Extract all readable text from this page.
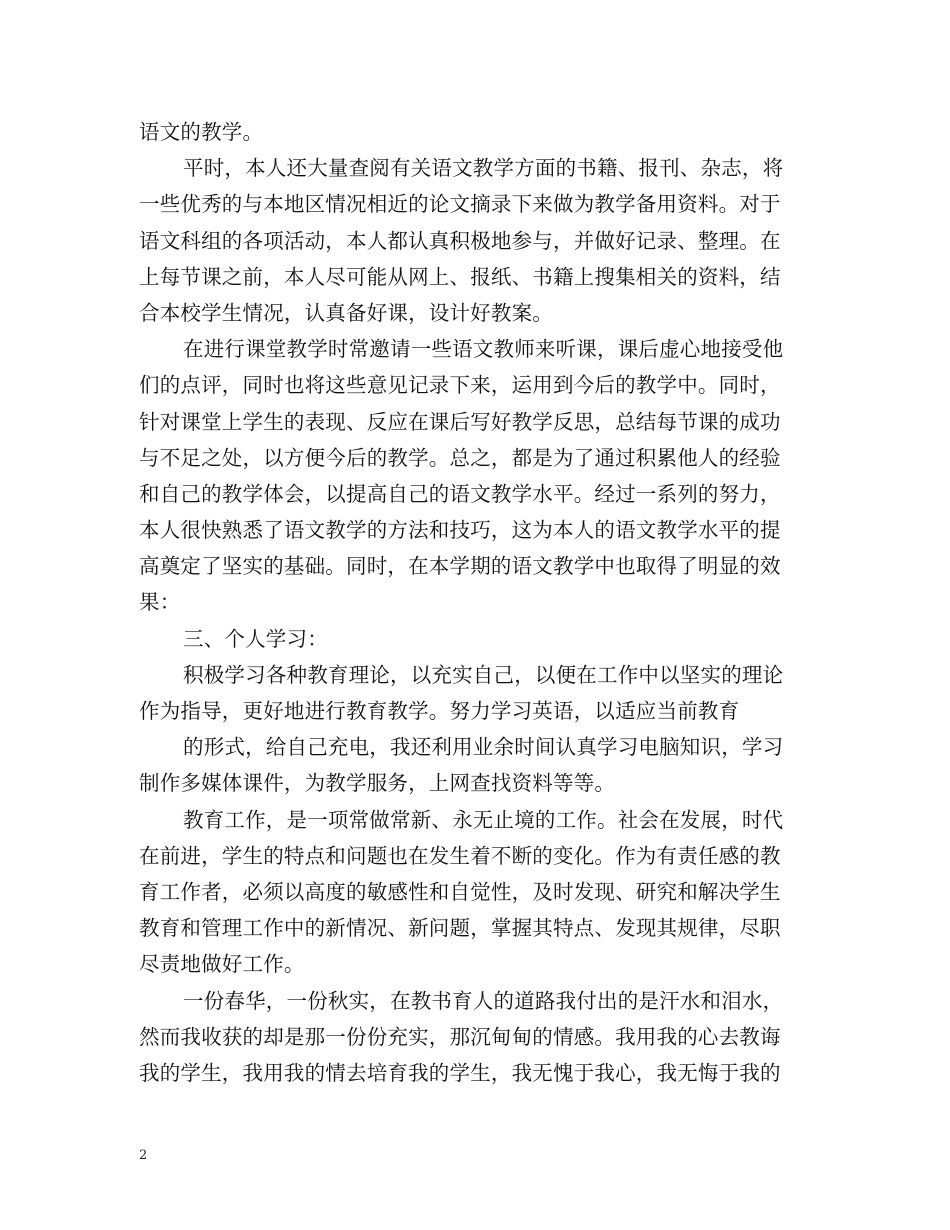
语文的教学。
平时，本人还大量查阅有关语文教学方面的书籍、报刊、杂志，将
一些优秀的与本地区情况相近的论文摘录下来做为教学备用资料。对于
语文科组的各项活动，本人都认真积极地参与，并做好记录、整理。在
上每节课之前，本人尽可能从网上、报纸、书籍上搜集相关的资料，结
合本校学生情况，认真备好课，设计好教案。
在进行课堂教学时常邀请一些语文教师来听课，课后虚心地接受他
们的点评，同时也将这些意见记录下来，运用到今后的教学中。同时，
针对课堂上学生的表现、反应在课后写好教学反思，总结每节课的成功
与不足之处，以方便今后的教学。总之，都是为了通过积累他人的经验
和自己的教学体会，以提高自己的语文教学水平。经过一系列的努力，
本人很快熟悉了语文教学的方法和技巧，这为本人的语文教学水平的提
高奠定了坚实的基础。同时，在本学期的语文教学中也取得了明显的效
果：
三、个人学习：
积极学习各种教育理论，以充实自己，以便在工作中以坚实的理论
作为指导，更好地进行教育教学。努力学习英语，以适应当前教育
的形式，给自己充电，我还利用业余时间认真学习电脑知识，学习
制作多媒体课件，为教学服务，上网查找资料等等。
教育工作，是一项常做常新、永无止境的工作。社会在发展，时代
在前进，学生的特点和问题也在发生着不断的变化。作为有责任感的教
育工作者，必须以高度的敏感性和自觉性，及时发现、研究和解决学生
教育和管理工作中的新情况、新问题，掌握其特点、发现其规律，尽职
尽责地做好工作。
一份春华，一份秋实，在教书育人的道路我付出的是汗水和泪水，
然而我收获的却是那一份份充实，那沉甸甸的情感。我用我的心去教诲
我的学生，我用我的情去培育我的学生，我无愧于我心，我无悔于我的
2
